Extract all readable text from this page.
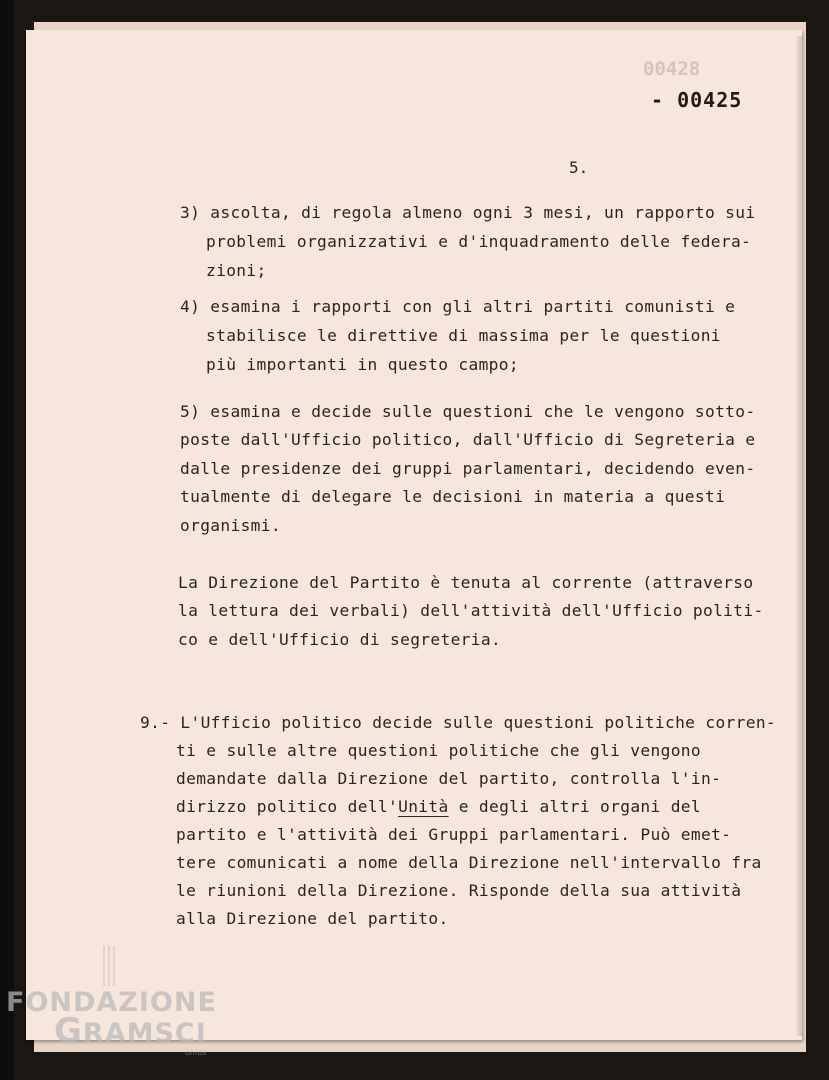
00428
- 00425
5.
3) ascolta, di regola almeno ogni 3 mesi, un rapporto sui
problemi organizzativi e d'inquadramento delle federa-
zioni;
4) esamina i rapporti con gli altri partiti comunisti e
stabilisce le direttive di massima per le questioni
più importanti in questo campo;
5) esamina e decide sulle questioni che le vengono sotto-
poste dall'Ufficio politico, dall'Ufficio di Segreteria e
dalle presidenze dei gruppi parlamentari, decidendo even-
tualmente di delegare le decisioni in materia a questi
organismi.
La Direzione del Partito è tenuta al corrente (attraverso
la lettura dei verbali) dell'attività dell'Ufficio politi-
co e dell'Ufficio di segreteria.
9.- L'Ufficio politico decide sulle questioni politiche corren-
ti e sulle altre questioni politiche che gli vengono
demandate dalla Direzione del partito, controlla l'in-
dirizzo politico dell'Unità e degli altri organi del
partito e l'attività dei Gruppi parlamentari. Può emet-
tere comunicati a nome della Direzione nell'intervallo fra
le riunioni della Direzione. Risponde della sua attività
alla Direzione del partito.
FONDAZIONE
GRAMSCI
onlus
